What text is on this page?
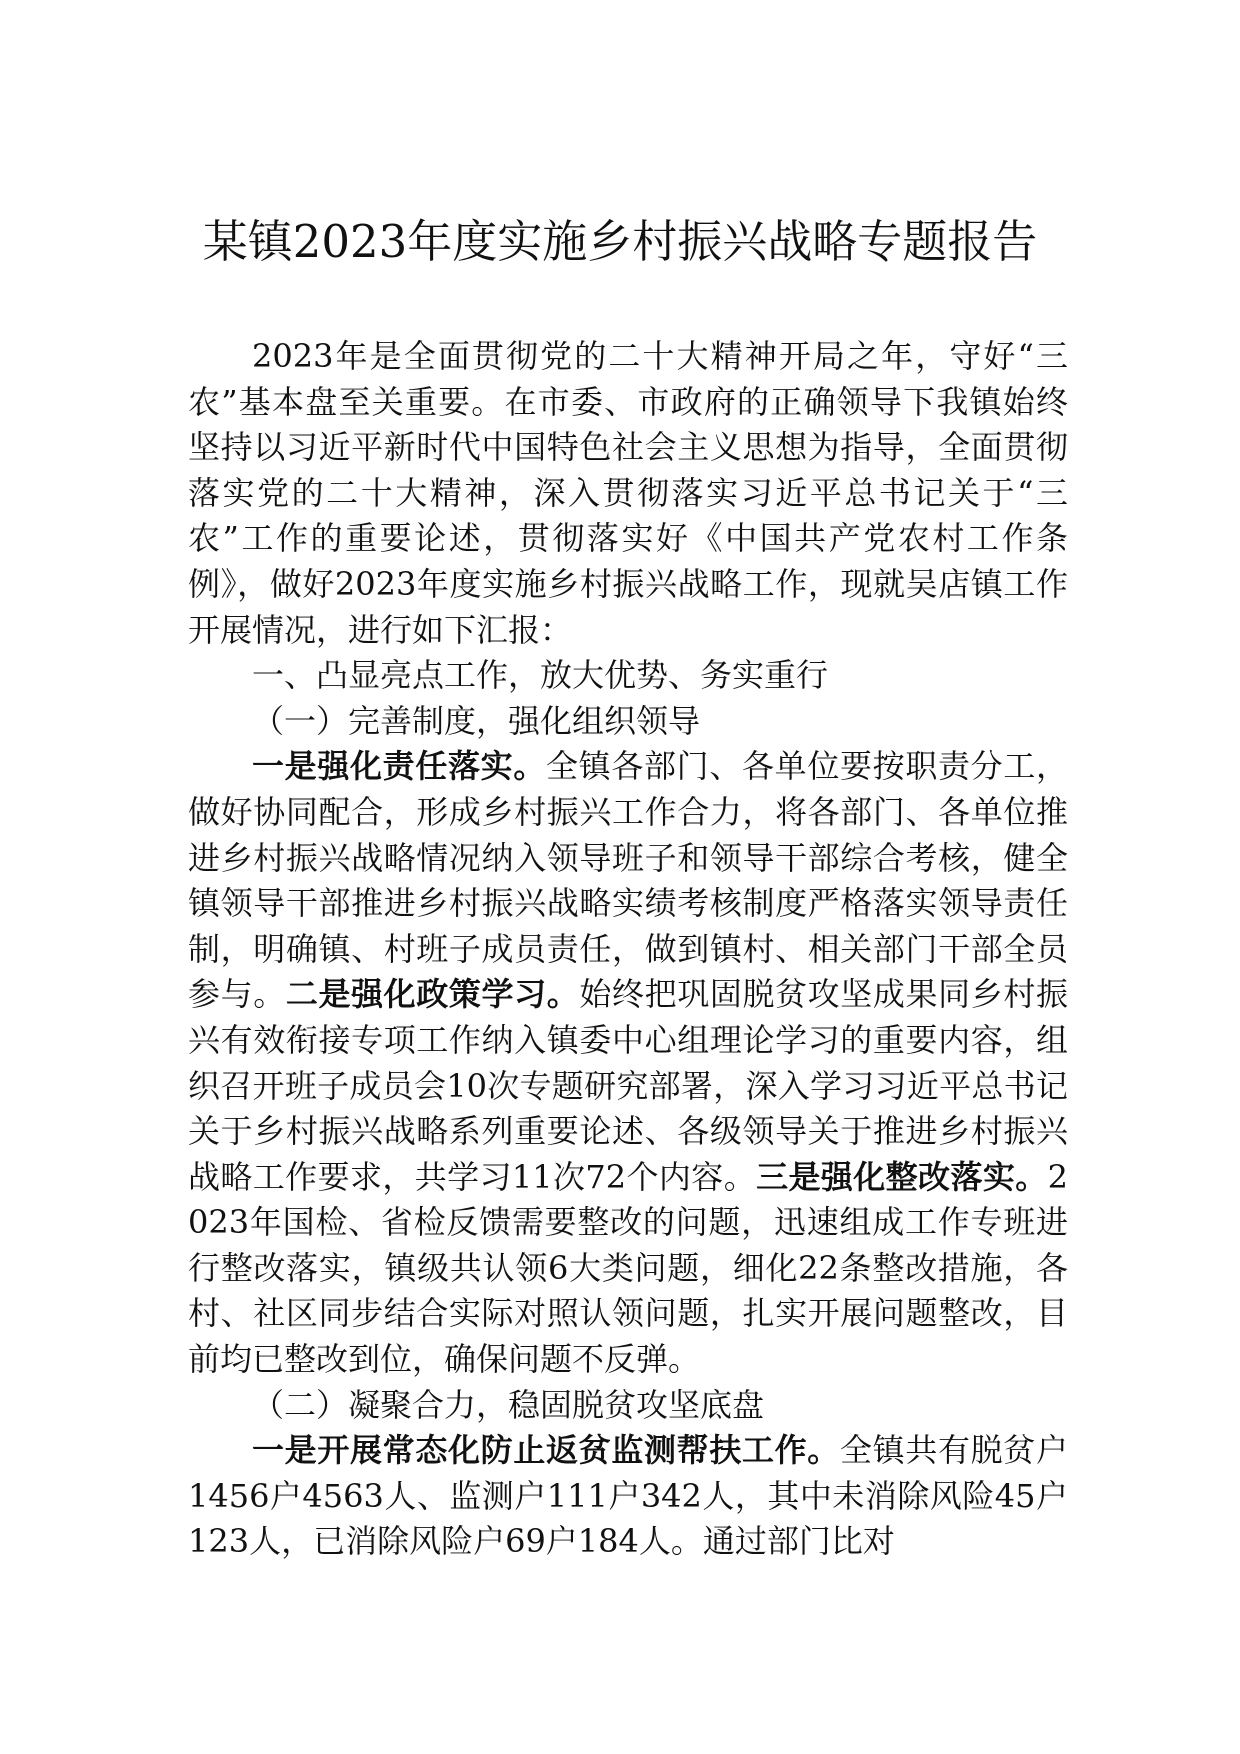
某镇2023年度实施乡村振兴战略专题报告

2023年是全面贯彻党的二十大精神开局之年，守好“三农”基本盘至关重要。在市委、市政府的正确领导下我镇始终坚持以习近平新时代中国特色社会主义思想为指导，全面贯彻落实党的二十大精神，深入贯彻落实习近平总书记关于“三农”工作的重要论述，贯彻落实好《中国共产党农村工作条例》，做好2023年度实施乡村振兴战略工作，现就吴店镇工作开展情况，进行如下汇报：

一、凸显亮点工作，放大优势、务实重行

（一）完善制度，强化组织领导

一是强化责任落实。全镇各部门、各单位要按职责分工，做好协同配合，形成乡村振兴工作合力，将各部门、各单位推进乡村振兴战略情况纳入领导班子和领导干部综合考核，健全镇领导干部推进乡村振兴战略实绩考核制度严格落实领导责任制，明确镇、村班子成员责任，做到镇村、相关部门干部全员参与。二是强化政策学习。始终把巩固脱贫攻坚成果同乡村振兴有效衔接专项工作纳入镇委中心组理论学习的重要内容，组织召开班子成员会10次专题研究部署，深入学习习近平总书记关于乡村振兴战略系列重要论述、各级领导关于推进乡村振兴战略工作要求，共学习11次72个内容。三是强化整改落实。2023年国检、省检反馈需要整改的问题，迅速组成工作专班进行整改落实，镇级共认领6大类问题，细化22条整改措施，各村、社区同步结合实际对照认领问题，扎实开展问题整改，目前均已整改到位，确保问题不反弹。

（二）凝聚合力，稳固脱贫攻坚底盘

一是开展常态化防止返贫监测帮扶工作。全镇共有脱贫户1456户4563人、监测户111户342人，其中未消除风险45户123人，已消除风险户69户184人。通过部门比对
